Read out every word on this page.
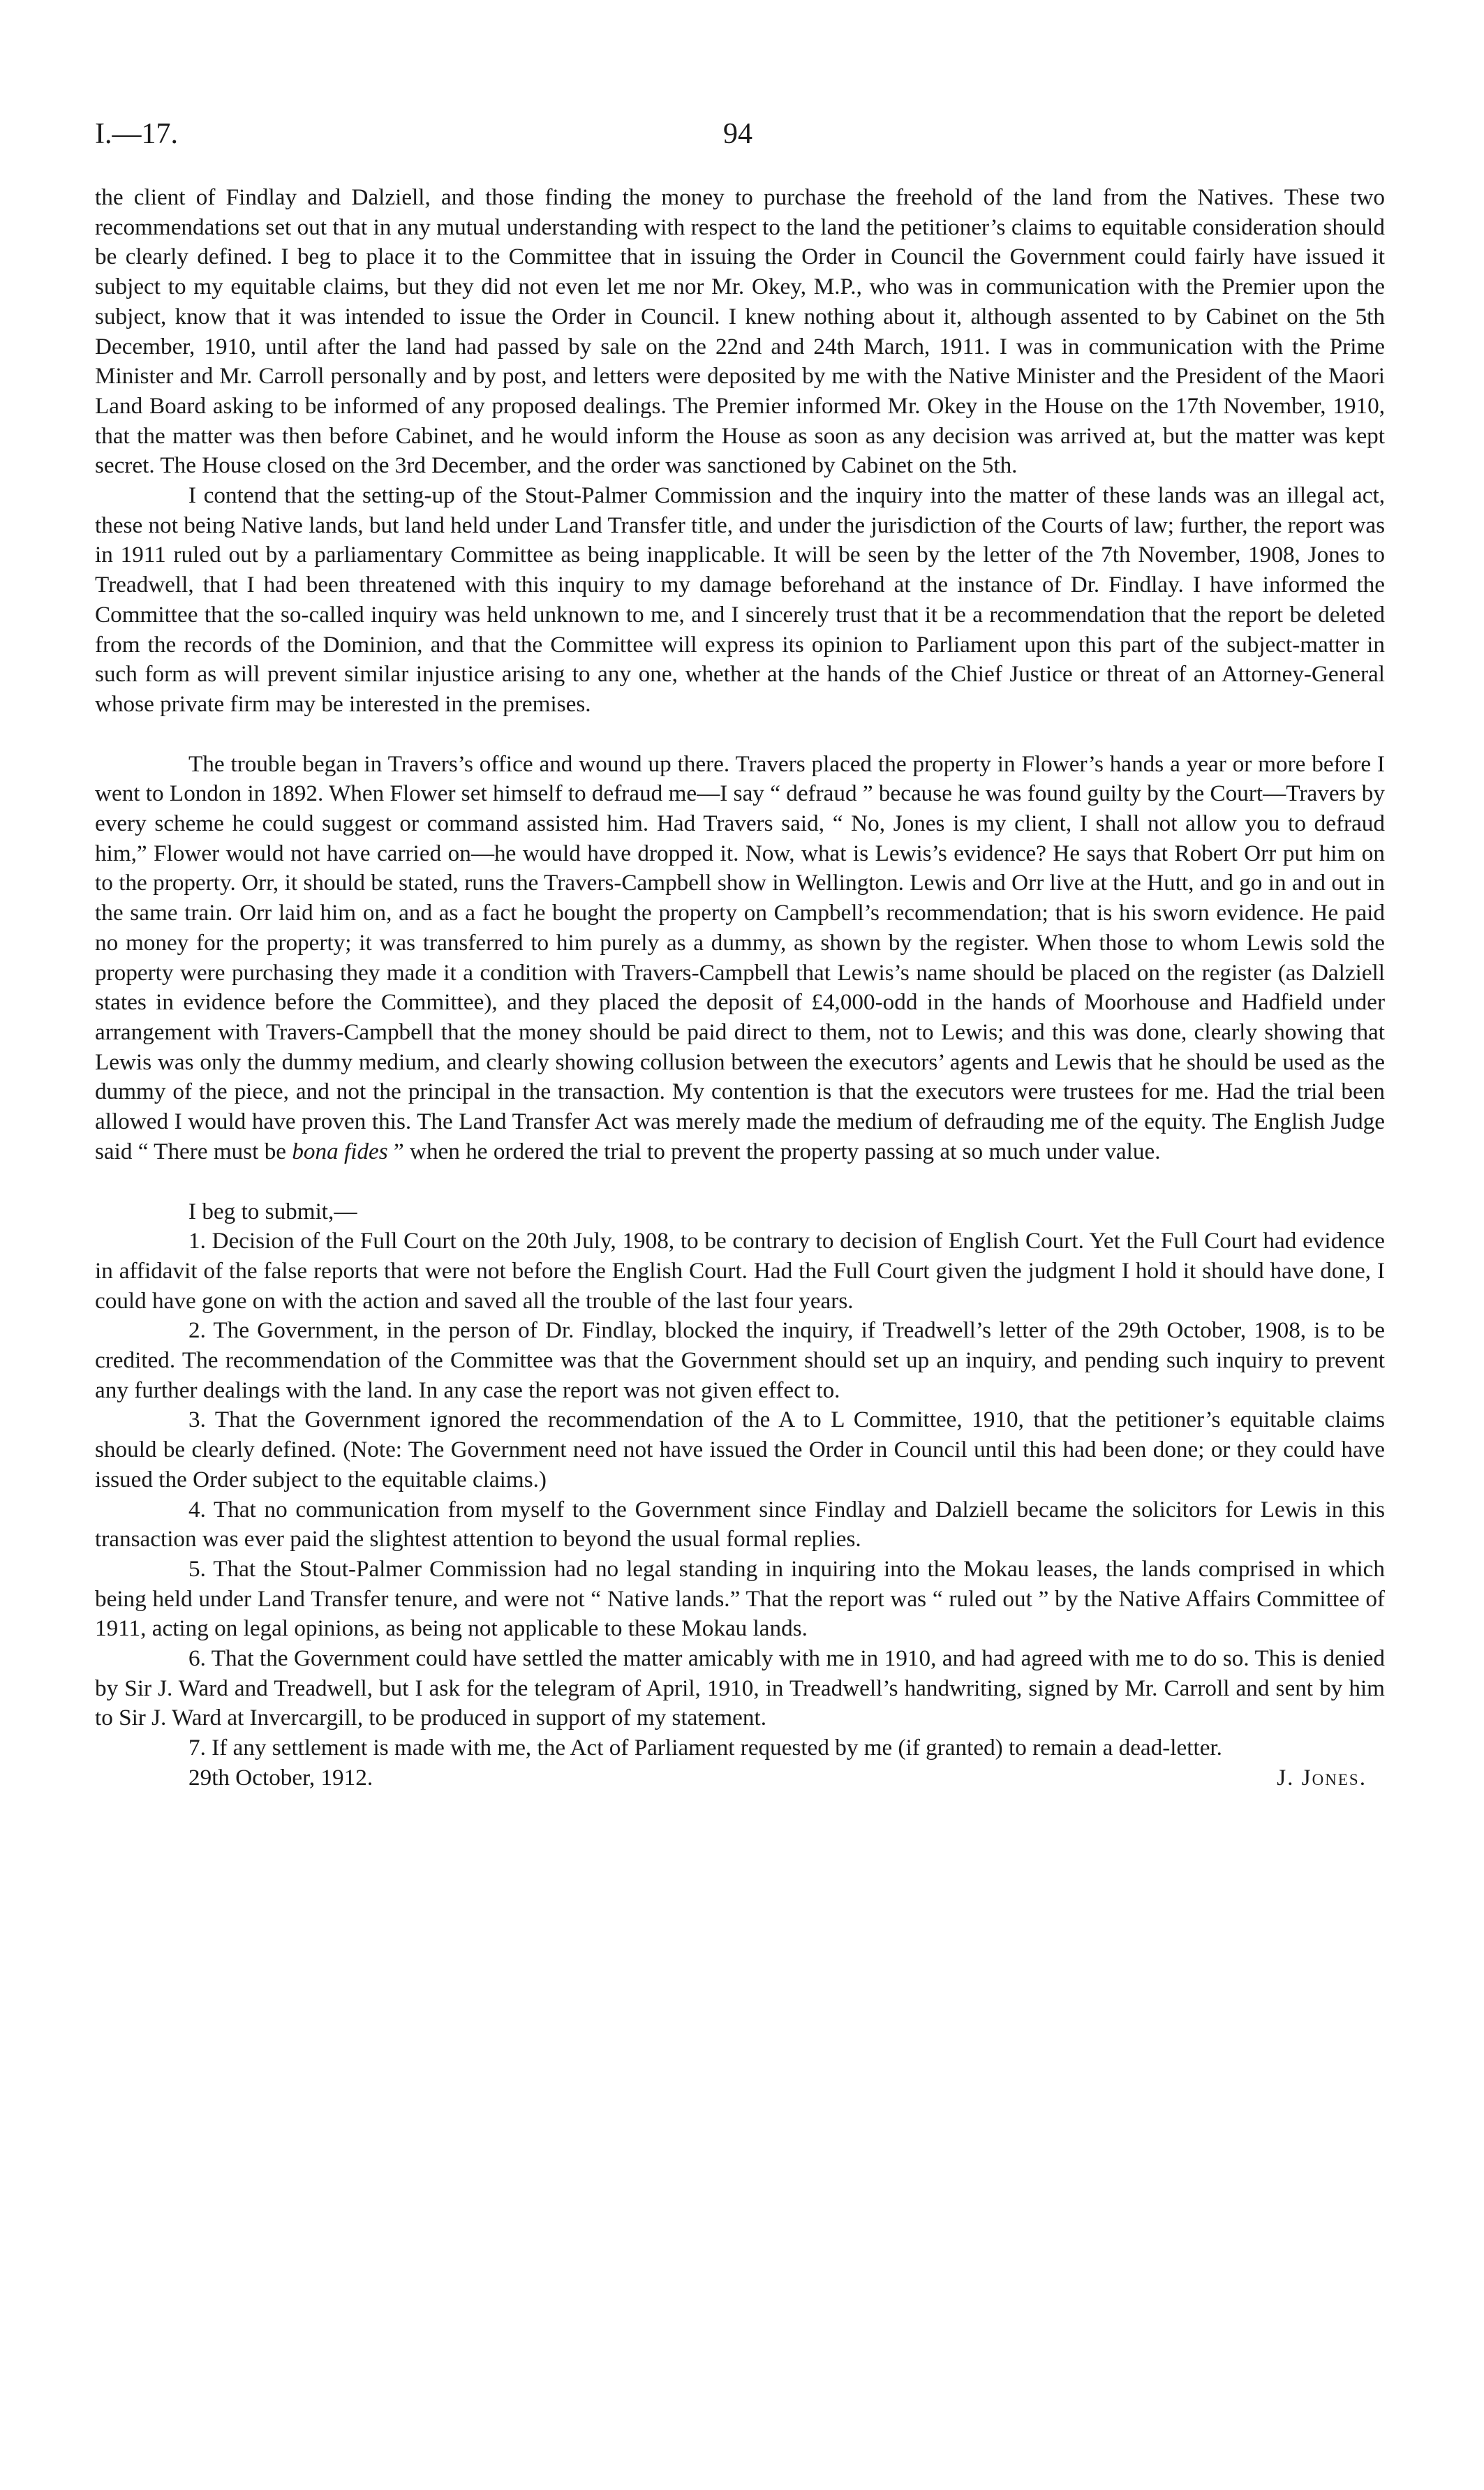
I.—17.	94

the client of Findlay and Dalziell, and those finding the money to purchase the freehold of the land from the Natives. These two recommendations set out that in any mutual understanding with respect to the land the petitioner’s claims to equitable consideration should be clearly defined. I beg to place it to the Committee that in issuing the Order in Council the Government could fairly have issued it subject to my equitable claims, but they did not even let me nor Mr. Okey, M.P., who was in communication with the Premier upon the subject, know that it was intended to issue the Order in Council. I knew nothing about it, although assented to by Cabinet on the 5th December, 1910, until after the land had passed by sale on the 22nd and 24th March, 1911. I was in communication with the Prime Minister and Mr. Carroll personally and by post, and letters were deposited by me with the Native Minister and the President of the Maori Land Board asking to be informed of any proposed dealings. The Premier informed Mr. Okey in the House on the 17th November, 1910, that the matter was then before Cabinet, and he would inform the House as soon as any decision was arrived at, but the matter was kept secret. The House closed on the 3rd December, and the order was sanctioned by Cabinet on the 5th.

I contend that the setting-up of the Stout-Palmer Commission and the inquiry into the matter of these lands was an illegal act, these not being Native lands, but land held under Land Transfer title, and under the jurisdiction of the Courts of law; further, the report was in 1911 ruled out by a parliamentary Committee as being inapplicable. It will be seen by the letter of the 7th November, 1908, Jones to Treadwell, that I had been threatened with this inquiry to my damage beforehand at the instance of Dr. Findlay. I have informed the Committee that the so-called inquiry was held unknown to me, and I sincerely trust that it be a recommendation that the report be deleted from the records of the Dominion, and that the Committee will express its opinion to Parliament upon this part of the subject-matter in such form as will prevent similar injustice arising to any one, whether at the hands of the Chief Justice or threat of an Attorney-General whose private firm may be interested in the premises.

The trouble began in Travers’s office and wound up there. Travers placed the property in Flower’s hands a year or more before I went to London in 1892. When Flower set himself to defraud me—I say “ defraud ” because he was found guilty by the Court—Travers by every scheme he could suggest or command assisted him. Had Travers said, “ No, Jones is my client, I shall not allow you to defraud him,” Flower would not have carried on—he would have dropped it. Now, what is Lewis’s evidence? He says that Robert Orr put him on to the property. Orr, it should be stated, runs the Travers-Campbell show in Wellington. Lewis and Orr live at the Hutt, and go in and out in the same train. Orr laid him on, and as a fact he bought the property on Campbell’s recommendation; that is his sworn evidence. He paid no money for the property; it was transferred to him purely as a dummy, as shown by the register. When those to whom Lewis sold the property were purchasing they made it a condition with Travers-Campbell that Lewis’s name should be placed on the register (as Dalziell states in evidence before the Committee), and they placed the deposit of £4,000-odd in the hands of Moorhouse and Hadfield under arrangement with Travers-Campbell that the money should be paid direct to them, not to Lewis; and this was done, clearly showing that Lewis was only the dummy medium, and clearly showing collusion between the executors’ agents and Lewis that he should be used as the dummy of the piece, and not the principal in the transaction. My contention is that the executors were trustees for me. Had the trial been allowed I would have proven this. The Land Transfer Act was merely made the medium of defrauding me of the equity. The English Judge said “ There must be bona fides ” when he ordered the trial to prevent the property passing at so much under value.

I beg to submit,—

1. Decision of the Full Court on the 20th July, 1908, to be contrary to decision of English Court. Yet the Full Court had evidence in affidavit of the false reports that were not before the English Court. Had the Full Court given the judgment I hold it should have done, I could have gone on with the action and saved all the trouble of the last four years.

2. The Government, in the person of Dr. Findlay, blocked the inquiry, if Treadwell’s letter of the 29th October, 1908, is to be credited. The recommendation of the Committee was that the Government should set up an inquiry, and pending such inquiry to prevent any further dealings with the land. In any case the report was not given effect to.

3. That the Government ignored the recommendation of the A to L Committee, 1910, that the petitioner’s equitable claims should be clearly defined. (Note: The Government need not have issued the Order in Council until this had been done; or they could have issued the Order subject to the equitable claims.)

4. That no communication from myself to the Government since Findlay and Dalziell became the solicitors for Lewis in this transaction was ever paid the slightest attention to beyond the usual formal replies.

5. That the Stout-Palmer Commission had no legal standing in inquiring into the Mokau leases, the lands comprised in which being held under Land Transfer tenure, and were not “ Native lands.” That the report was “ ruled out ” by the Native Affairs Committee of 1911, acting on legal opinions, as being not applicable to these Mokau lands.

6. That the Government could have settled the matter amicably with me in 1910, and had agreed with me to do so. This is denied by Sir J. Ward and Treadwell, but I ask for the telegram of April, 1910, in Treadwell’s handwriting, signed by Mr. Carroll and sent by him to Sir J. Ward at Invercargill, to be produced in support of my statement.

7. If any settlement is made with me, the Act of Parliament requested by me (if granted) to remain a dead-letter.

29th October, 1912.	J. Jones.
